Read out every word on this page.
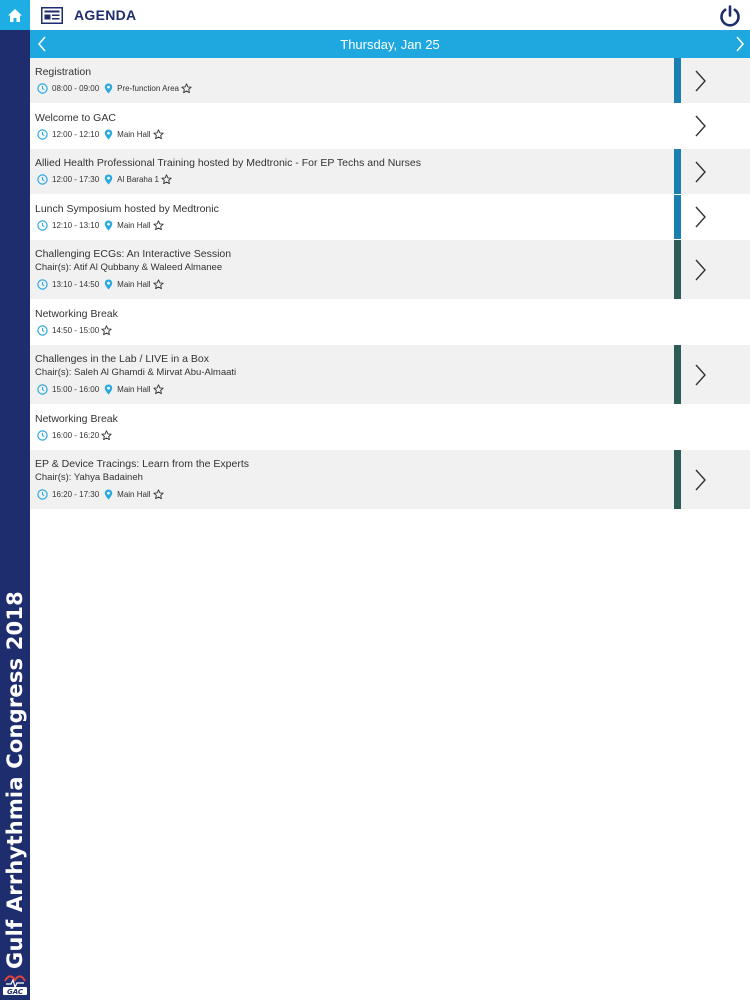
Gulf Arrhythmia Congress 2018
GAC
AGENDA
Thursday, Jan 25
Registration
08:00 - 09:00 Pre-function Area
Welcome to GAC
12:00 - 12:10 Main Hall
Allied Health Professional Training hosted by Medtronic - For EP Techs and Nurses
12:00 - 17:30 Al Baraha 1
Lunch Symposium hosted by Medtronic
12:10 - 13:10 Main Hall
Challenging ECGs: An Interactive Session
Chair(s): Atif Al Qubbany & Waleed Almanee
13:10 - 14:50 Main Hall
Networking Break
14:50 - 15:00
Challenges in the Lab / LIVE in a Box
Chair(s): Saleh Al Ghamdi & Mirvat Abu-Almaati
15:00 - 16:00 Main Hall
Networking Break
16:00 - 16:20
EP & Device Tracings: Learn from the Experts
Chair(s): Yahya Badaineh
16:20 - 17:30 Main Hall
